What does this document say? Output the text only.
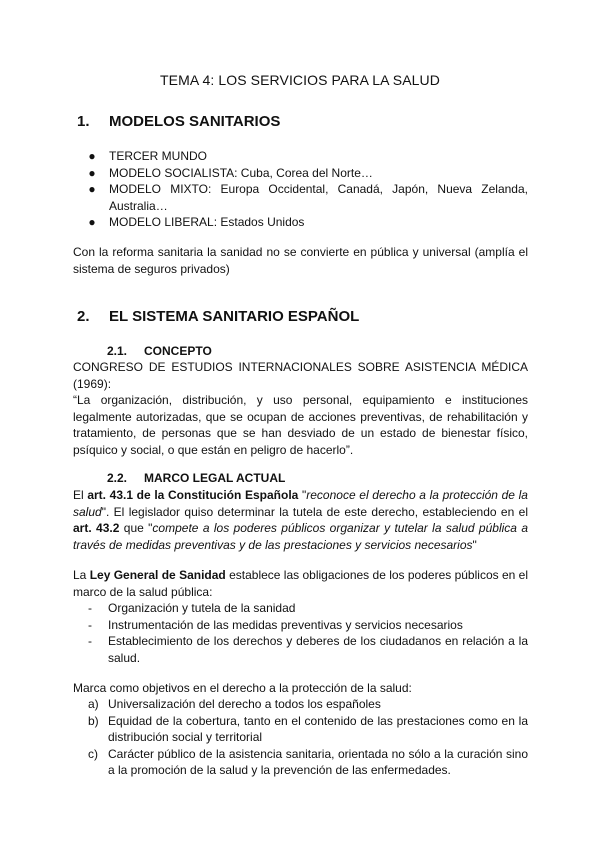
TEMA 4: LOS SERVICIOS PARA LA SALUD
1. MODELOS SANITARIOS
● TERCER MUNDO
● MODELO SOCIALISTA: Cuba, Corea del Norte…
● MODELO MIXTO: Europa Occidental, Canadá, Japón, Nueva Zelanda, Australia…
● MODELO LIBERAL: Estados Unidos
Con la reforma sanitaria la sanidad no se convierte en pública y universal (amplía el sistema de seguros privados)
2. EL SISTEMA SANITARIO ESPAÑOL
2.1. CONCEPTO
CONGRESO DE ESTUDIOS INTERNACIONALES SOBRE ASISTENCIA MÉDICA (1969):
“La organización, distribución, y uso personal, equipamiento e instituciones legalmente autorizadas, que se ocupan de acciones preventivas, de rehabilitación y tratamiento, de personas que se han desviado de un estado de bienestar físico, psíquico y social, o que están en peligro de hacerlo”.
2.2. MARCO LEGAL ACTUAL
El art. 43.1 de la Constitución Española "reconoce el derecho a la protección de la salud". El legislador quiso determinar la tutela de este derecho, estableciendo en el art. 43.2 que "compete a los poderes públicos organizar y tutelar la salud pública a través de medidas preventivas y de las prestaciones y servicios necesarios"
La Ley General de Sanidad establece las obligaciones de los poderes públicos en el marco de la salud pública:
- Organización y tutela de la sanidad
- Instrumentación de las medidas preventivas y servicios necesarios
- Establecimiento de los derechos y deberes de los ciudadanos en relación a la salud.
Marca como objetivos en el derecho a la protección de la salud:
a) Universalización del derecho a todos los españoles
b) Equidad de la cobertura, tanto en el contenido de las prestaciones como en la distribución social y territorial
c) Carácter público de la asistencia sanitaria, orientada no sólo a la curación sino a la promoción de la salud y la prevención de las enfermedades.
